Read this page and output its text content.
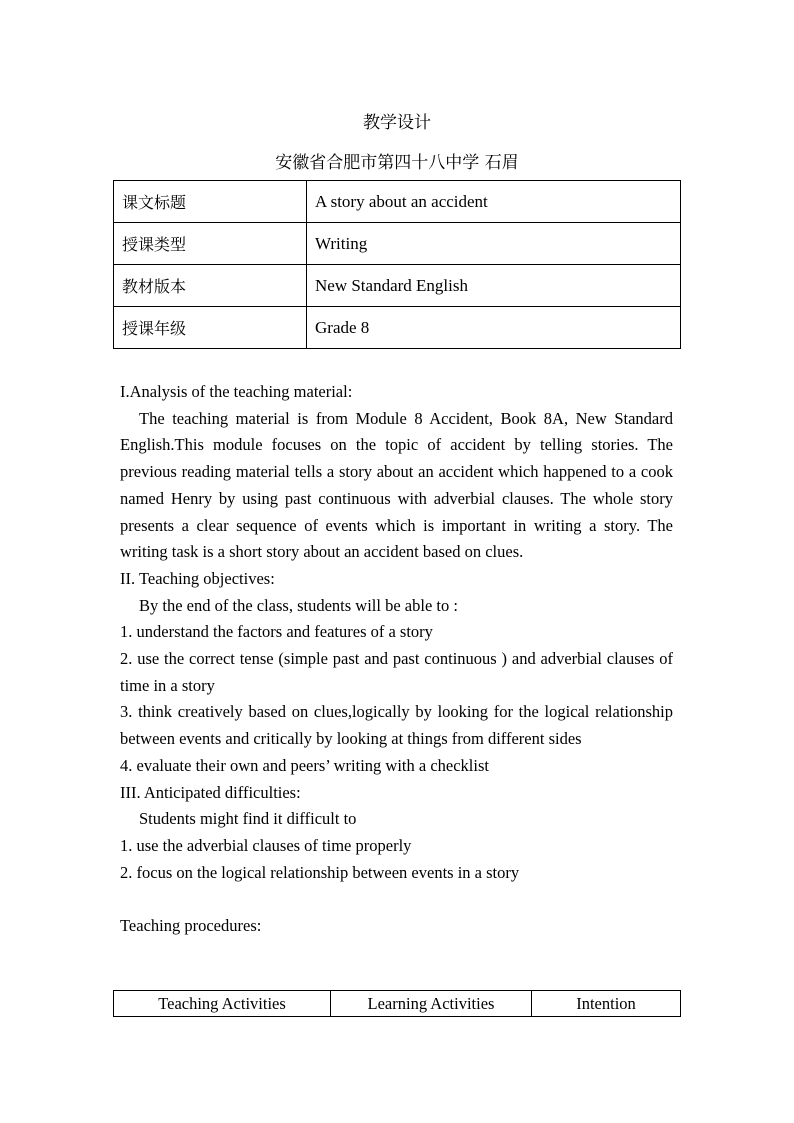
教学设计
安徽省合肥市第四十八中学 石眉
课文标题	A story about an accident
授课类型	Writing
教材版本	New Standard English
授课年级	Grade 8

I.Analysis of the teaching material:

The teaching material is from Module 8 Accident, Book 8A, New Standard English.This module focuses on the topic of accident by telling stories. The previous reading material tells a story about an accident which happened to a cook named Henry by using past continuous with adverbial clauses. The whole story presents a clear sequence of events which is important in writing a story. The writing task is a short story about an accident based on clues.

II. Teaching objectives:

By the end of the class, students will be able to :

1. understand the factors and features of a story

2. use the correct tense (simple past and past continuous ) and adverbial clauses of time in a story

3. think creatively based on clues,logically by looking for the logical relationship between events and critically by looking at things from different sides

4. evaluate their own and peers’ writing with a checklist

III. Anticipated difficulties:

Students might find it difficult to

1. use the adverbial clauses of time properly

2. focus on the logical relationship between events in a story

Teaching procedures:

Teaching Activities	Learning Activities	Intention
